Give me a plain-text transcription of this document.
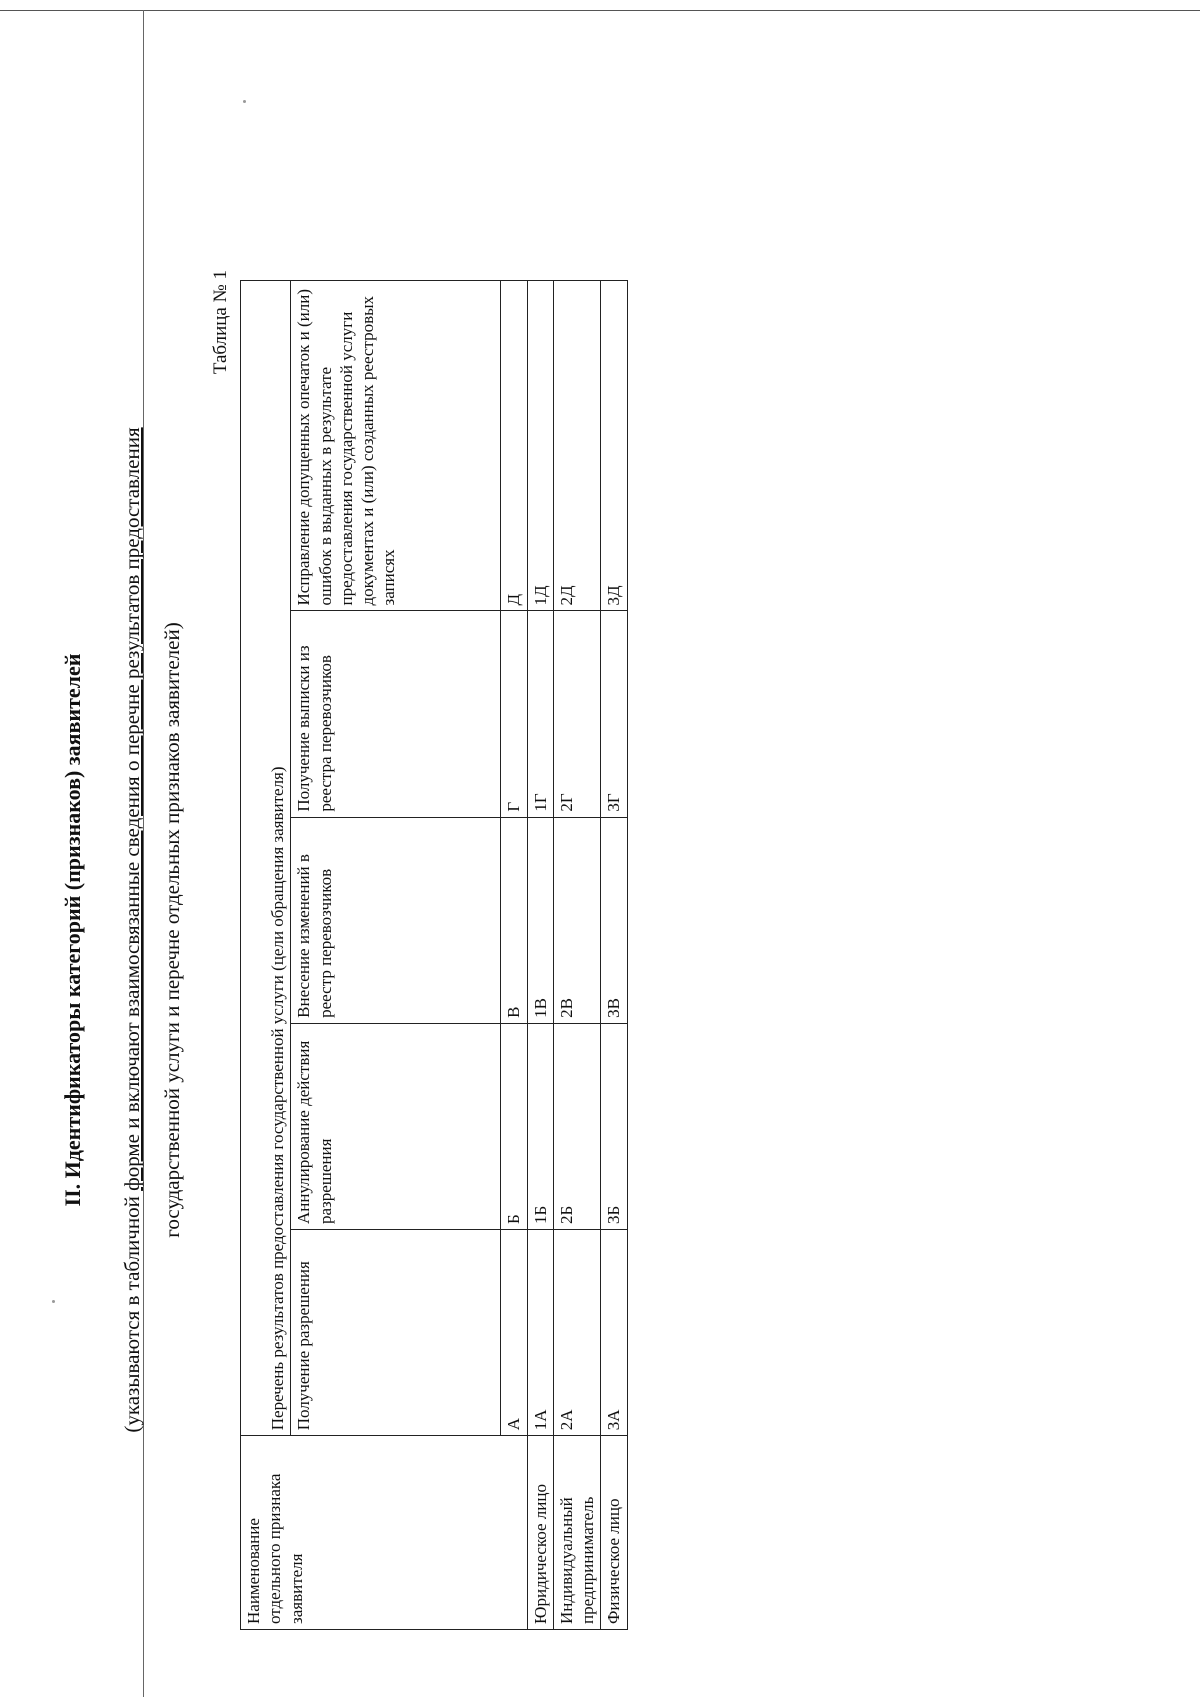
II. Идентификаторы категорий (признаков) заявителей
(указываются в табличной форме и включают взаимосвязанные сведения о перечне результатов предоставления государственной услуги и перечне отдельных признаков заявителей)
Таблица № 1
Наименование отдельного признака заявителя	Перечень результатов предоставления государственной услуги (цели обращения заявителя)				
	Получение разрешения	Аннулирование действия разрешения	Внесение изменений в реестр перевозчиков	Получение выписки из реестра перевозчиков	Исправление допущенных опечаток и (или) ошибок в выданных в результате предоставления государственной услуги документах и (или) созданных реестровых записях
	А	Б	В	Г	Д
Юридическое лицо	1А	1Б	1В	1Г	1Д
Индивидуальный предприниматель	2А	2Б	2В	2Г	2Д
Физическое лицо	3А	3Б	3В	3Г	3Д
